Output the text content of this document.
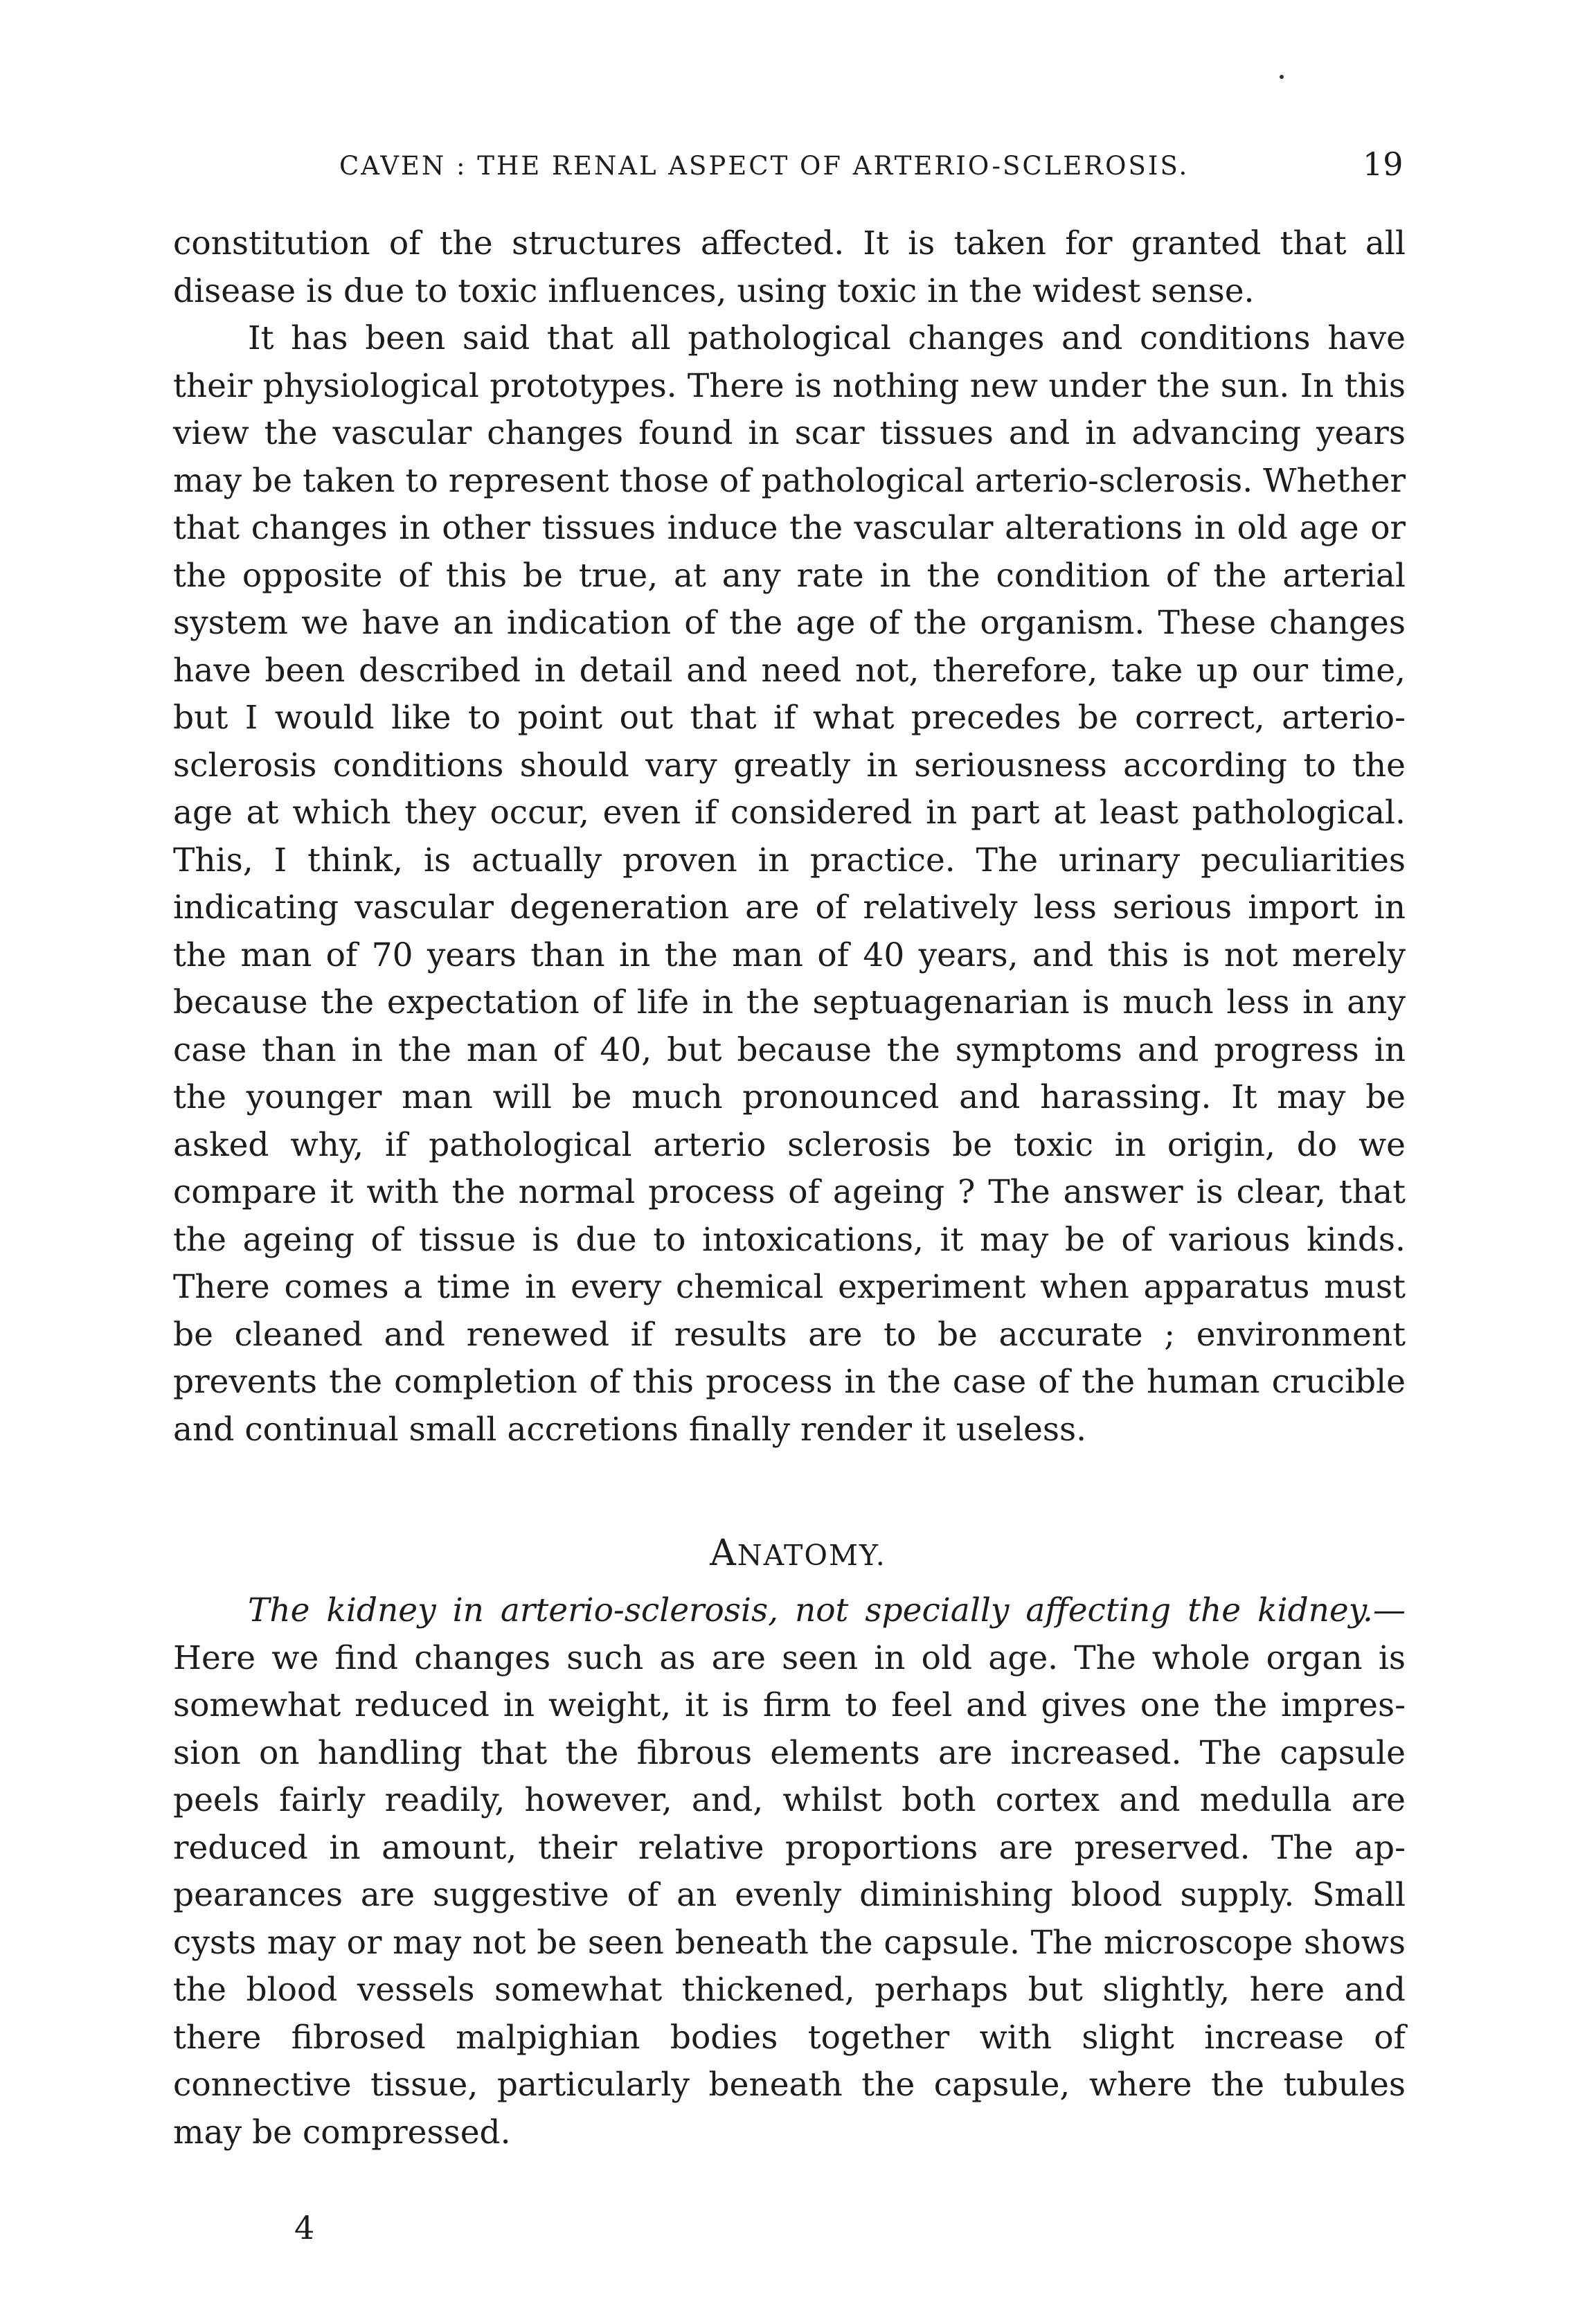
CAVEN : THE RENAL ASPECT OF ARTERIO-SCLEROSIS.	19

constitution of the structures affected. It is taken for granted that all disease is due to toxic influences, using toxic in the widest sense.

It has been said that all pathological changes and conditions have their physiological prototypes. There is nothing new under the sun. In this view the vascular changes found in scar tissues and in advancing years may be taken to represent those of pathological arterio-sclerosis. Whether that changes in other tissues induce the vascular alterations in old age or the opposite of this be true, at any rate in the condition of the arterial system we have an indication of the age of the organism. These changes have been described in detail and need not, therefore, take up our time, but I would like to point out that if what precedes be correct, arterio-sclerosis conditions should vary greatly in seriousness according to the age at which they occur, even if considered in part at least pathological. This, I think, is actually proven in practice. The urinary peculiarities indicating vascular degeneration are of relatively less serious import in the man of 70 years than in the man of 40 years, and this is not merely because the expectation of life in the septuagenarian is much less in any case than in the man of 40, but because the symptoms and progress in the younger man will be much pronounced and harassing. It may be asked why, if pathological arterio sclerosis be toxic in origin, do we compare it with the normal process of ageing ? The answer is clear, that the ageing of tissue is due to intoxications, it may be of various kinds. There comes a time in every chemical experiment when apparatus must be cleaned and renewed if results are to be accurate ; environment prevents the completion of this process in the case of the human crucible and continual small accretions finally render it useless.

ANATOMY.

The kidney in arterio-sclerosis, not specially affecting the kidney.— Here we find changes such as are seen in old age. The whole organ is somewhat reduced in weight, it is firm to feel and gives one the impression on handling that the fibrous elements are increased. The capsule peels fairly readily, however, and, whilst both cortex and medulla are reduced in amount, their relative proportions are preserved. The appearances are suggestive of an evenly diminishing blood supply. Small cysts may or may not be seen beneath the capsule. The microscope shows the blood vessels somewhat thickened, perhaps but slightly, here and there fibrosed malpighian bodies together with slight increase of connective tissue, particularly beneath the capsule, where the tubules may be compressed.

4
